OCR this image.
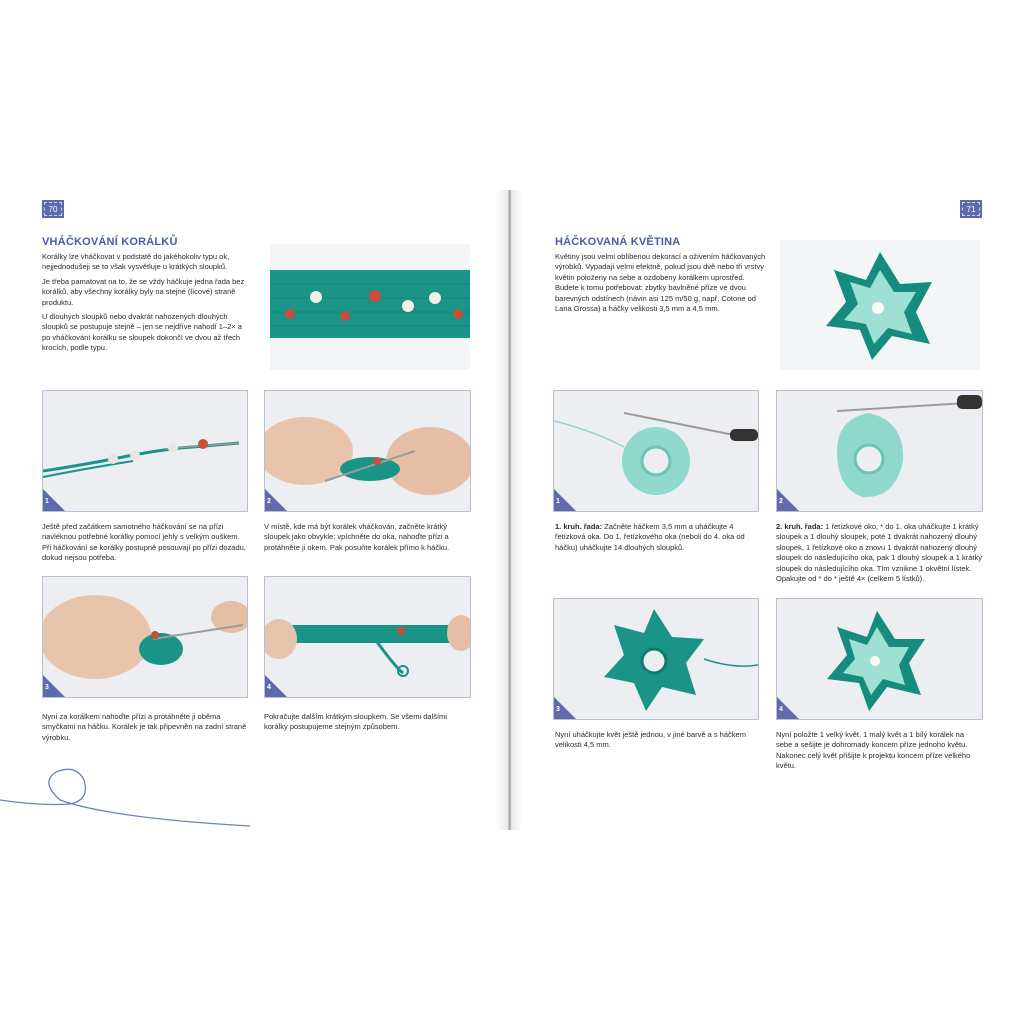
70
VHÁČKOVÁNÍ KORÁLKŮ

Korálky lze vháčkovat v podstatě do jakéhokoliv typu ok, nejjednodušeji se to však vysvětluje u krátkých sloupků.

Je třeba pamatovat na to, že se vždy háčkuje jedna řada bez korálků, aby všechny korálky byly na stejné (lícové) straně produktu.

U dlouhých sloupků nebo dvakrát nahozených dlouhých sloupků se postupuje stejně – jen se nejdříve nahodí 1–2× a po vháčkování korálku se sloupek dokončí ve dvou až třech krocích, podle typu.

1	2
Ještě před začátkem samotného háčkování se na přízi navléknou potřebné korálky pomocí jehly s velkým ouškem. Při háčkování se korálky postupně posouvají po přízi dozadu, dokud nejsou potřeba.
V místě, kde má být korálek vháčkován, začněte krátký sloupek jako obvykle: vpíchněte do oka, nahoďte přízi a protáhněte ji okem. Pak posuňte korálek přímo k háčku.
3	4
Nyní za korálkem nahoďte přízi a protáhněte ji oběma smyčkami na háčku. Korálek je tak připevněn na zadní straně výrobku.
Pokračujte dalším krátkým sloupkem. Se všemi dalšími korálky postupujeme stejným způsobem.
71
HÁČKOVANÁ KVĚTINA
Květiny jsou velmi oblíbenou dekorací a oživením háčkovaných výrobků. Vypadají velmi efektně, pokud jsou dvě nebo tři vrstvy květin položeny na sebe a ozdobeny korálkem uprostřed. Budete k tomu potřebovat: zbytky bavlněné příze ve dvou barevných odstínech (návin asi 125 m/50 g, např. Cotone od Lana Grossa) a háčky velikosti 3,5 mm a 4,5 mm.
1	2
1. kruh. řada: Začněte háčkem 3,5 mm a uháčkujte 4 řetízková oka. Do 1. řetízkového oka (neboli do 4. oka od háčku) uháčkujte 14 dlouhých sloupků.
2. kruh. řada: 1 řetízkové oko, * do 1. oka uháčkujte 1 krátký sloupek a 1 dlouhý sloupek, poté 1 dvakrát nahozený dlouhý sloupek, 1 řetízkové oko a znovu 1 dvakrát nahozený dlouhý sloupek do následujícího oka, pak 1 dlouhý sloupek a 1 krátký sloupek do následujícího oka. Tím vznikne 1 okvětní lístek. Opakujte od * do * ještě 4× (celkem 5 lístků).
3	4
Nyní uháčkujte květ ještě jednou, v jiné barvě a s háčkem velikosti 4,5 mm.
Nyní položte 1 velký květ, 1 malý květ a 1 bílý korálek na sebe a sešijte je dohromady koncem příze jednoho květu. Nakonec celý květ přišijte k projektu koncem příze velkého květu.
